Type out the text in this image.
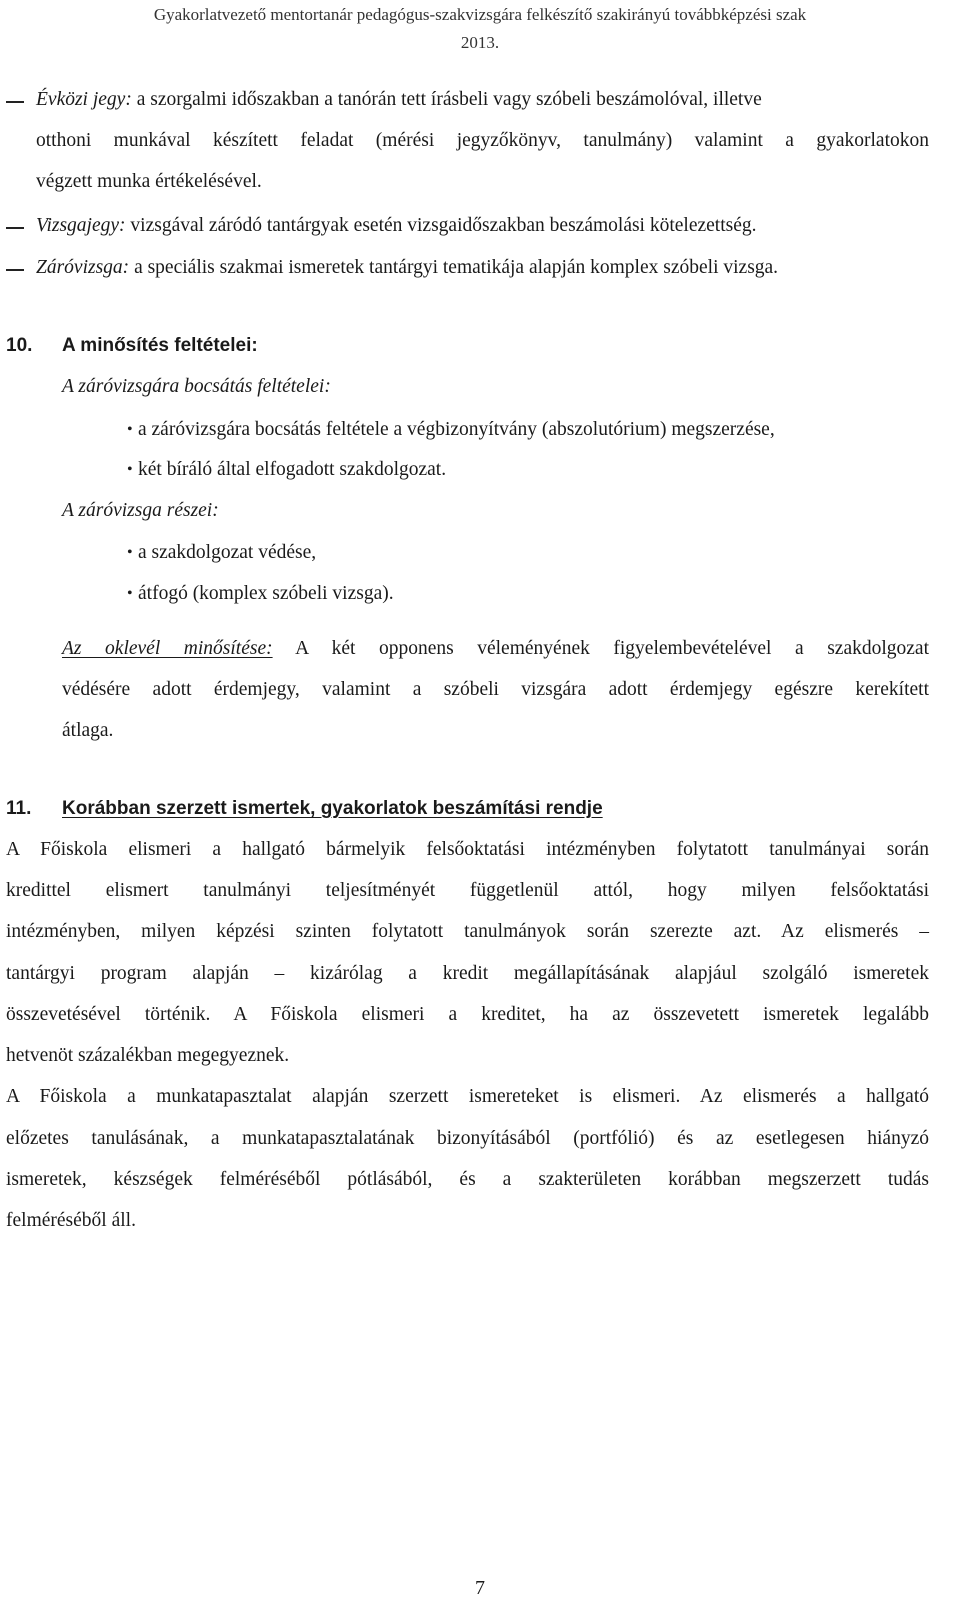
Gyakorlatvezető mentortanár pedagógus-szakvizsgára felkészítő szakirányú továbbképzési szak
2013.
Évközi jegy: a szorgalmi időszakban a tanórán tett írásbeli vagy szóbeli beszámolóval, illetve
otthoni munkával készített feladat (mérési jegyzőkönyv, tanulmány) valamint a gyakorlatokon
végzett munka értékelésével.
Vizsgajegy: vizsgával záródó tantárgyak esetén vizsgaidőszakban beszámolási kötelezettség.
Záróvizsga: a speciális szakmai ismeretek tantárgyi tematikája alapján komplex szóbeli vizsga.
10. A minősítés feltételei:
A záróvizsgára bocsátás feltételei:
• a záróvizsgára bocsátás feltétele a végbizonyítvány (abszolutórium) megszerzése,
• két bíráló által elfogadott szakdolgozat.
A záróvizsga részei:
• a szakdolgozat védése,
• átfogó (komplex szóbeli vizsga).
Az oklevél minősítése: A két opponens véleményének figyelembevételével a szakdolgozat
védésére adott érdemjegy, valamint a szóbeli vizsgára adott érdemjegy egészre kerekített
átlaga.
11. Korábban szerzett ismertek, gyakorlatok beszámítási rendje
A Főiskola elismeri a hallgató bármelyik felsőoktatási intézményben folytatott tanulmányai során
kredittel elismert tanulmányi teljesítményét függetlenül attól, hogy milyen felsőoktatási
intézményben, milyen képzési szinten folytatott tanulmányok során szerezte azt. Az elismerés –
tantárgyi program alapján – kizárólag a kredit megállapításának alapjául szolgáló ismeretek
összevetésével történik. A Főiskola elismeri a kreditet, ha az összevetett ismeretek legalább
hetvenöt százalékban megegyeznek.
A Főiskola a munkatapasztalat alapján szerzett ismereteket is elismeri. Az elismerés a hallgató
előzetes tanulásának, a munkatapasztalatának bizonyításából (portfólió) és az esetlegesen hiányzó
ismeretek, készségek felméréséből pótlásából, és a szakterületen korábban megszerzett tudás
felméréséből áll.
7
